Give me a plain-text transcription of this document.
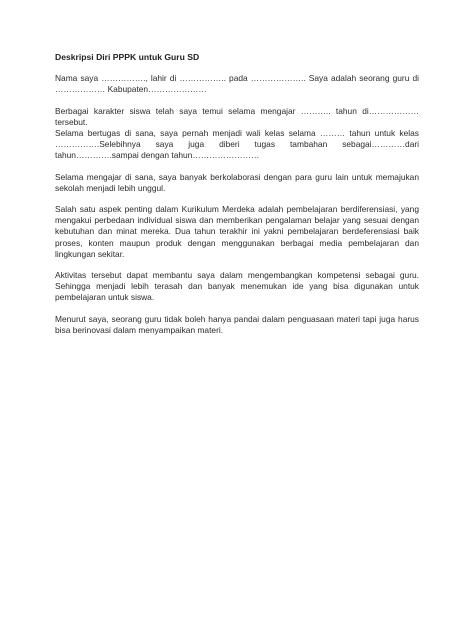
Deskripsi Diri PPPK untuk Guru SD

Nama saya ……………., lahir di …………….. pada ……………….. Saya adalah seorang guru di ……………… Kabupaten…………………

Berbagai karakter siswa telah saya temui selama mengajar ……….. tahun di………………tersebut.

Selama bertugas di sana, saya pernah menjadi wali kelas selama ……… tahun untuk kelas …………….Selebihnya saya juga diberi tugas tambahan sebagai…………dari tahun………….sampai dengan tahun……………………

Selama mengajar di sana, saya banyak berkolaborasi dengan para guru lain untuk memajukan sekolah menjadi lebih unggul.

Salah satu aspek penting dalam Kurikulum Merdeka adalah pembelajaran berdiferensiasi, yang mengakui perbedaan individual siswa dan memberikan pengalaman belajar yang sesuai dengan kebutuhan dan minat mereka. Dua tahun terakhir ini yakni pembelajaran berdeferensiasi baik proses, konten maupun produk dengan menggunakan berbagai media pembelajaran dan lingkungan sekitar.

Aktivitas tersebut dapat membantu saya dalam mengembangkan kompetensi sebagai guru. Sehingga menjadi lebih terasah dan banyak menemukan ide yang bisa digunakan untuk pembelajaran untuk siswa.

Menurut saya, seorang guru tidak boleh hanya pandai dalam penguasaan materi tapi juga harus bisa berinovasi dalam menyampaikan materi.
